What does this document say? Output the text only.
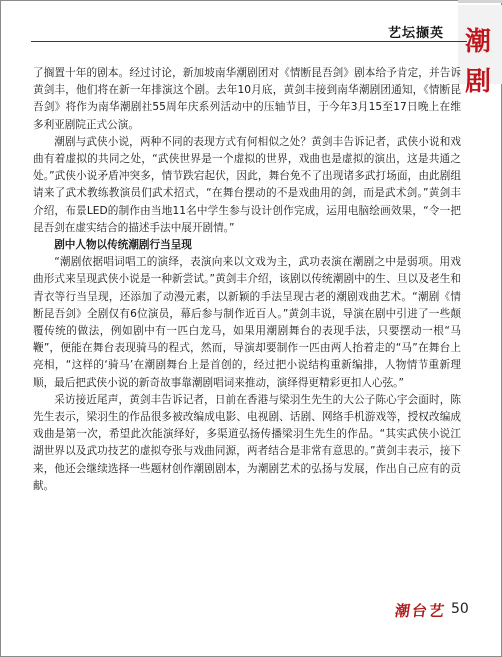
艺坛撷英 潮剧

了搁置十年的剧本。经过讨论，新加坡南华潮剧团对《情断昆吾剑》剧本给予肯定，并告诉黄剑丰，他们将在新一年排演这个剧。去年10月底，黄剑丰接到南华潮剧团通知，《情断昆吾剑》将作为南华潮剧社55周年庆系列活动中的压轴节目，于今年3月15至17日晚上在维多利亚剧院正式公演。

潮剧与武侠小说，两种不同的表现方式有何相似之处？黄剑丰告诉记者，武侠小说和戏曲有着虚拟的共同之处，“武侠世界是一个虚拟的世界，戏曲也是虚拟的演出，这是共通之处。”武侠小说矛盾冲突多，情节跌宕起伏，因此，舞台免不了出现诸多武打场面，由此剧组请来了武术教练教演员们武术招式，“在舞台摆动的不是戏曲用的剑，而是武术剑。”黄剑丰介绍，布景LED的制作由当地11名中学生参与设计创作完成，运用电脑绘画效果，“令一把昆吾剑在虚实结合的描述手法中展开剧情。”

剧中人物以传统潮剧行当呈现

“潮剧依据唱词唱工的演绎，表演向来以文戏为主，武功表演在潮剧之中是弱项。用戏曲形式来呈现武侠小说是一种新尝试。”黄剑丰介绍，该剧以传统潮剧中的生、旦以及老生和青衣等行当呈现，还添加了动漫元素，以新颖的手法呈现古老的潮剧戏曲艺术。“潮剧《情断昆吾剑》全剧仅有6位演员，幕后参与制作近百人。”黄剑丰说，导演在剧中引进了一些颠覆传统的做法，例如剧中有一匹白龙马，如果用潮剧舞台的表现手法，只要摆动一根“马鞭”，便能在舞台表现骑马的程式，然而，导演却要制作一匹由两人抬着走的“马”在舞台上亮相，“这样的‘骑马’在潮剧舞台上是首创的，经过把小说结构重新编排，人物情节重新理顺，最后把武侠小说的新奇故事靠潮剧唱词来推动，演绎得更精彩更扣人心弦。”

采访接近尾声，黄剑丰告诉记者，日前在香港与梁羽生先生的大公子陈心宇会面时，陈先生表示，梁羽生的作品很多被改编成电影、电视剧、话剧、网络手机游戏等，授权改编成戏曲是第一次，希望此次能演绎好，多渠道弘扬传播梁羽生先生的作品。“其实武侠小说江湖世界以及武功技艺的虚拟夸张与戏曲同源，两者结合是非常有意思的。”黄剑丰表示，接下来，他还会继续选择一些题材创作潮剧剧本，为潮剧艺术的弘扬与发展，作出自己应有的贡献。

潮台艺 50
